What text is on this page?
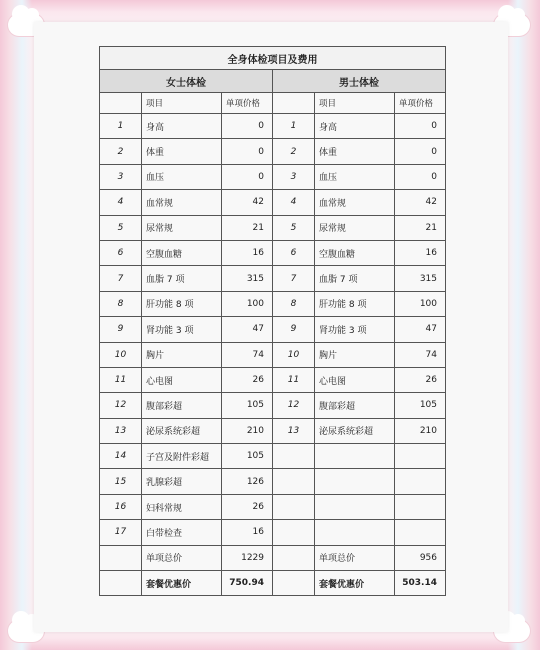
全身体检项目及费用					
女士体检			男士体检		
	项目	单项价格		项目	单项价格
1	身高	0	1	身高	0
2	体重	0	2	体重	0
3	血压	0	3	血压	0
4	血常规	42	4	血常规	42
5	尿常规	21	5	尿常规	21
6	空腹血糖	16	6	空腹血糖	16
7	血脂 7 项	315	7	血脂 7 项	315
8	肝功能 8 项	100	8	肝功能 8 项	100
9	肾功能 3 项	47	9	肾功能 3 项	47
10	胸片	74	10	胸片	74
11	心电图	26	11	心电图	26
12	腹部彩超	105	12	腹部彩超	105
13	泌尿系统彩超	210	13	泌尿系统彩超	210
14	子宫及附件彩超	105			
15	乳腺彩超	126			
16	妇科常规	26			
17	白带检查	16			
	单项总价	1229		单项总价	956
	套餐优惠价	750.94		套餐优惠价	503.14
